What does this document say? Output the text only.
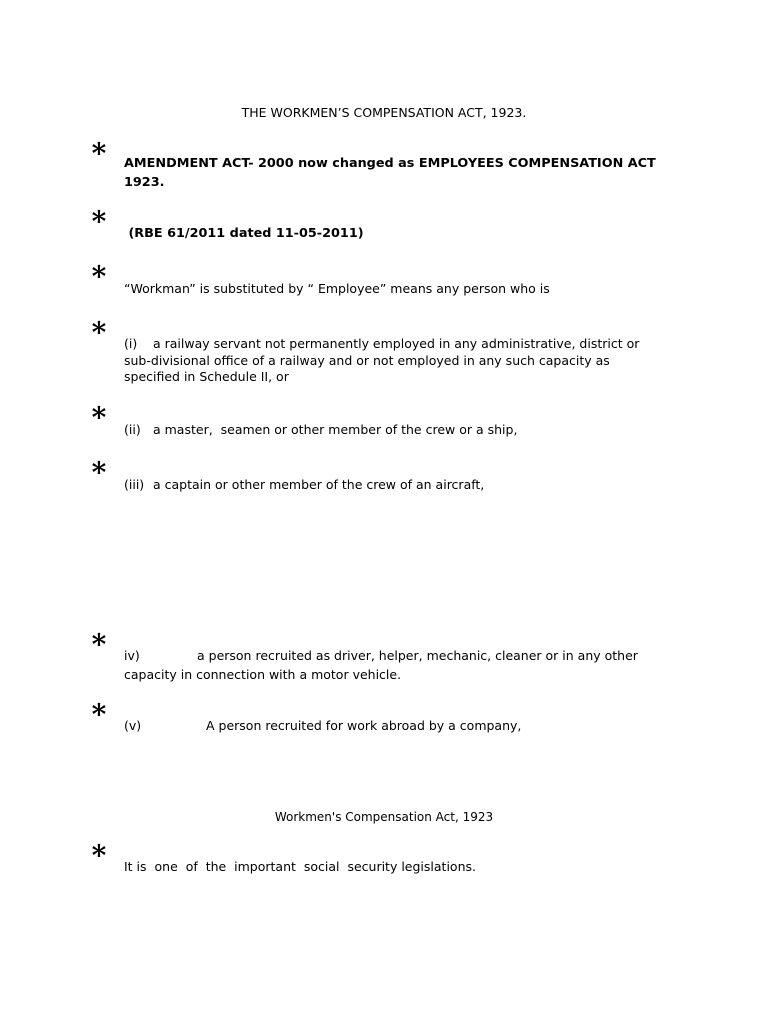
THE WORKMEN’S COMPENSATION ACT, 1923.
* AMENDMENT ACT- 2000 now changed as EMPLOYEES COMPENSATION ACT 1923.
* (RBE 61/2011 dated 11-05-2011)
* “Workman” is substituted by “ Employee” means any person who is
* (i) a railway servant not permanently employed in any administrative, district or sub-divisional office of a railway and or not employed in any such capacity as specified in Schedule II, or
* (ii) a master,  seamen or other member of the crew or a ship,
* (iii) a captain or other member of the crew of an aircraft,
* iv)	a person recruited as driver, helper, mechanic, cleaner or in any other
capacity in connection with a motor vehicle.
* (v)	A person recruited for work abroad by a company,
Workmen's Compensation Act, 1923
* It is  one  of  the  important  social  security legislations.
